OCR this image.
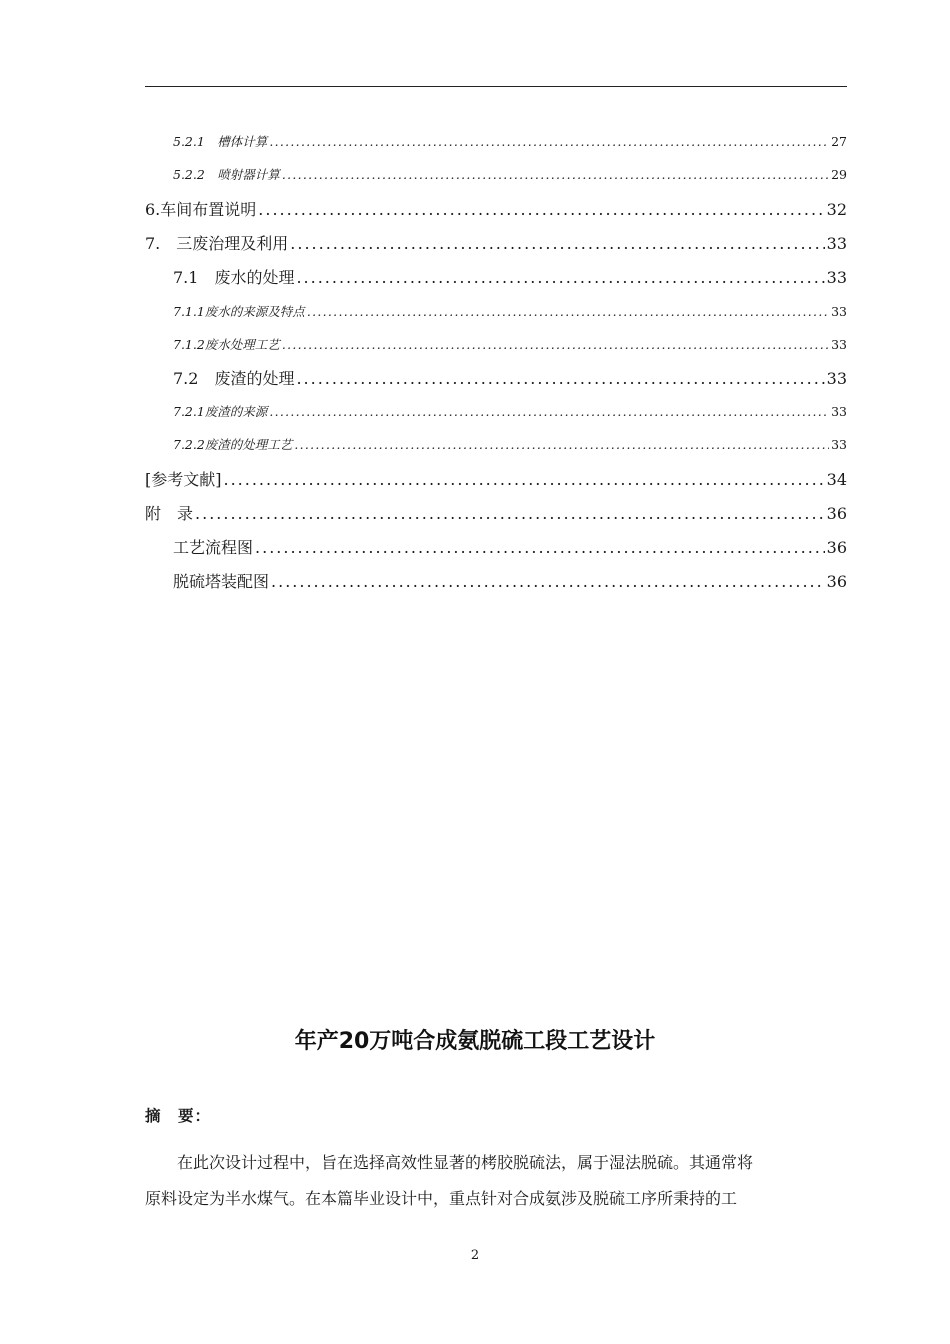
5.2.1　槽体计算 .....	27
5.2.2　喷射器计算 .....	29
6.车间布置说明 .....	32
7.　三废治理及利用 .....	33
7.1　废水的处理 .....	33
7.1.1废水的来源及特点 .....	33
7.1.2废水处理工艺 .....	33
7.2　废渣的处理 .....	33
7.2.1废渣的来源 .....	33
7.2.2废渣的处理工艺 .....	33
[参考文献] .....	34
附　录 .....	36
工艺流程图 .....	36
脱硫塔装配图 .....	36
年产20万吨合成氨脱硫工段工艺设计
摘　要：
在此次设计过程中，旨在选择高效性显著的栲胶脱硫法，属于湿法脱硫。其通常将
原料设定为半水煤气。在本篇毕业设计中，重点针对合成氨涉及脱硫工序所秉持的工
2
